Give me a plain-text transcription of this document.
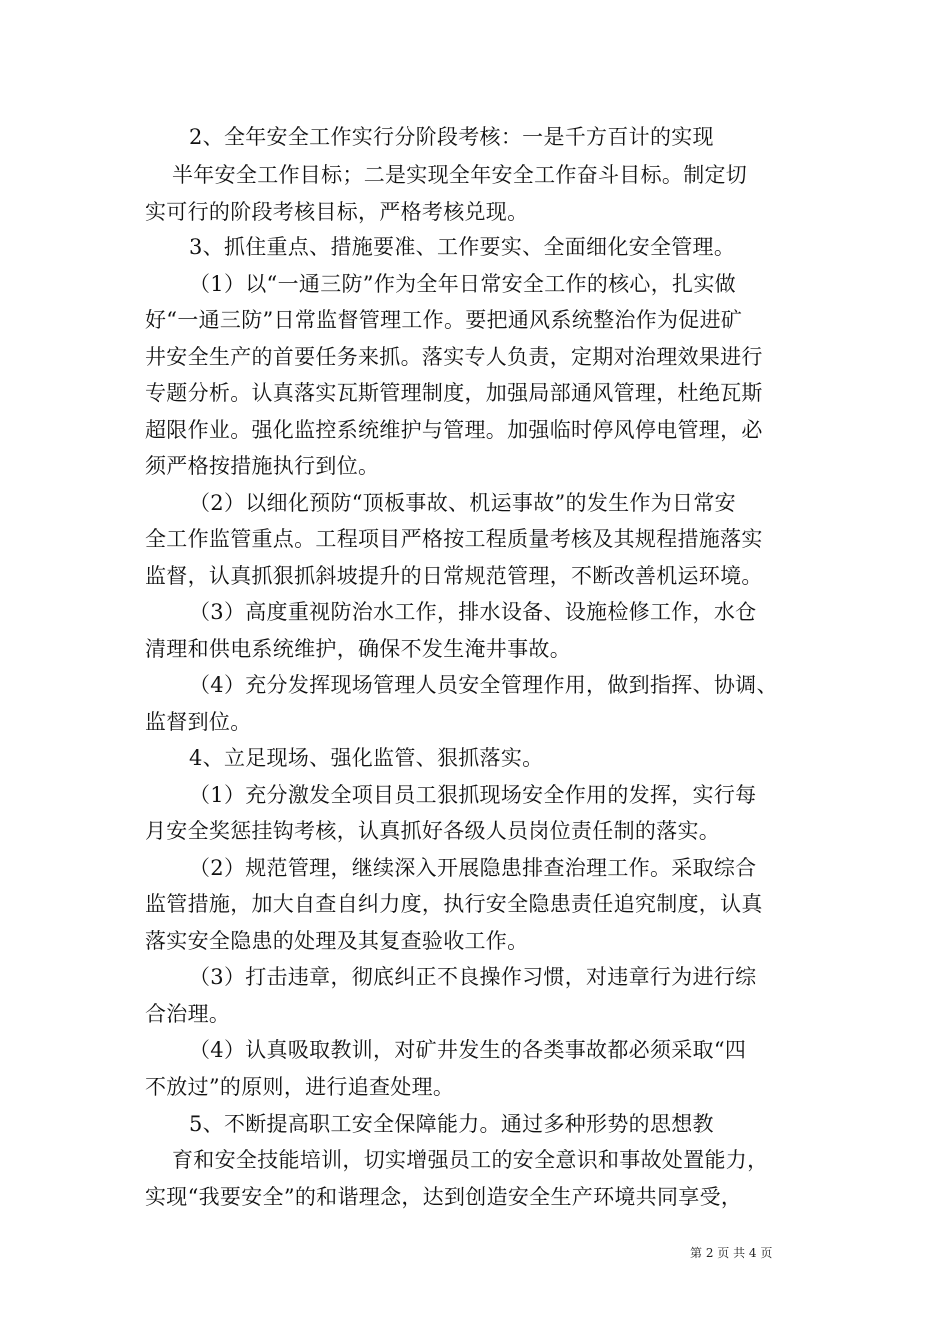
2、全年安全工作实行分阶段考核：一是千方百计的实现
半年安全工作目标；二是实现全年安全工作奋斗目标。制定切
实可行的阶段考核目标，严格考核兑现。
3、抓住重点、措施要准、工作要实、全面细化安全管理。
（1）以“一通三防”作为全年日常安全工作的核心，扎实做
好“一通三防”日常监督管理工作。要把通风系统整治作为促进矿
井安全生产的首要任务来抓。落实专人负责，定期对治理效果进行
专题分析。认真落实瓦斯管理制度，加强局部通风管理，杜绝瓦斯
超限作业。强化监控系统维护与管理。加强临时停风停电管理，必
须严格按措施执行到位。
（2）以细化预防“顶板事故、机运事故”的发生作为日常安
全工作监管重点。工程项目严格按工程质量考核及其规程措施落实
监督，认真抓狠抓斜坡提升的日常规范管理，不断改善机运环境。
（3）高度重视防治水工作，排水设备、设施检修工作，水仓
清理和供电系统维护，确保不发生淹井事故。
（4）充分发挥现场管理人员安全管理作用，做到指挥、协调、
监督到位。
4、立足现场、强化监管、狠抓落实。
（1）充分激发全项目员工狠抓现场安全作用的发挥，实行每
月安全奖惩挂钩考核，认真抓好各级人员岗位责任制的落实。
（2）规范管理，继续深入开展隐患排查治理工作。采取综合
监管措施，加大自查自纠力度，执行安全隐患责任追究制度，认真
落实安全隐患的处理及其复查验收工作。
（3）打击违章，彻底纠正不良操作习惯，对违章行为进行综
合治理。
（4）认真吸取教训，对矿井发生的各类事故都必须采取“四
不放过”的原则，进行追查处理。
5、不断提高职工安全保障能力。通过多种形势的思想教
育和安全技能培训，切实增强员工的安全意识和事故处置能力，
实现“我要安全”的和谐理念，达到创造安全生产环境共同享受，
第 2 页 共 4 页
